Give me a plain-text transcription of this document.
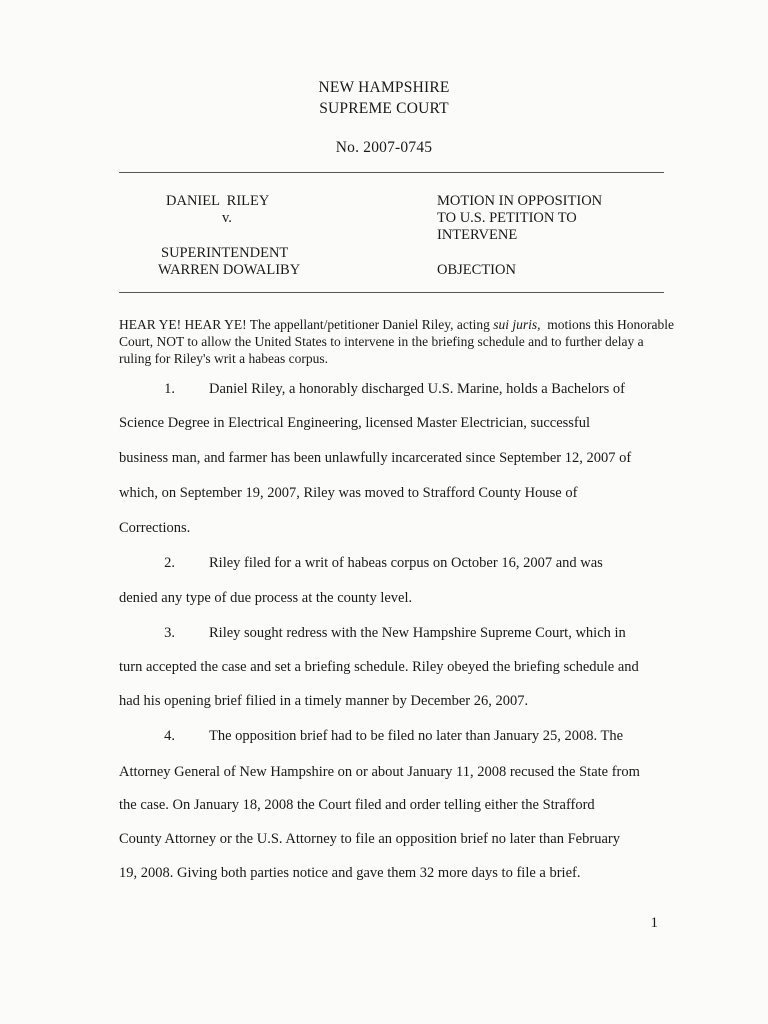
NEW HAMPSHIRE
SUPREME COURT
No. 2007-0745
DANIEL  RILEY
v.
SUPERINTENDENT
WARREN DOWALIBY
MOTION IN OPPOSITION
TO U.S. PETITION TO
INTERVENE
OBJECTION
HEAR YE! HEAR YE! The appellant/petitioner Daniel Riley, acting sui juris,  motions this Honorable Court, NOT to allow the United States to intervene in the briefing schedule and to further delay a ruling for Riley's writ a habeas corpus.
1. Daniel Riley, a honorably discharged U.S. Marine, holds a Bachelors of
Science Degree in Electrical Engineering, licensed Master Electrician, successful
business man, and farmer has been unlawfully incarcerated since September 12, 2007 of
which, on September 19, 2007, Riley was moved to Strafford County House of
Corrections.
2. Riley filed for a writ of habeas corpus on October 16, 2007 and was
denied any type of due process at the county level.
3. Riley sought redress with the New Hampshire Supreme Court, which in
turn accepted the case and set a briefing schedule. Riley obeyed the briefing schedule and
had his opening brief filied in a timely manner by December 26, 2007.
4. The opposition brief had to be filed no later than January 25, 2008. The
Attorney General of New Hampshire on or about January 11, 2008 recused the State from
the case. On January 18, 2008 the Court filed and order telling either the Strafford
County Attorney or the U.S. Attorney to file an opposition brief no later than February
19, 2008. Giving both parties notice and gave them 32 more days to file a brief.
1
